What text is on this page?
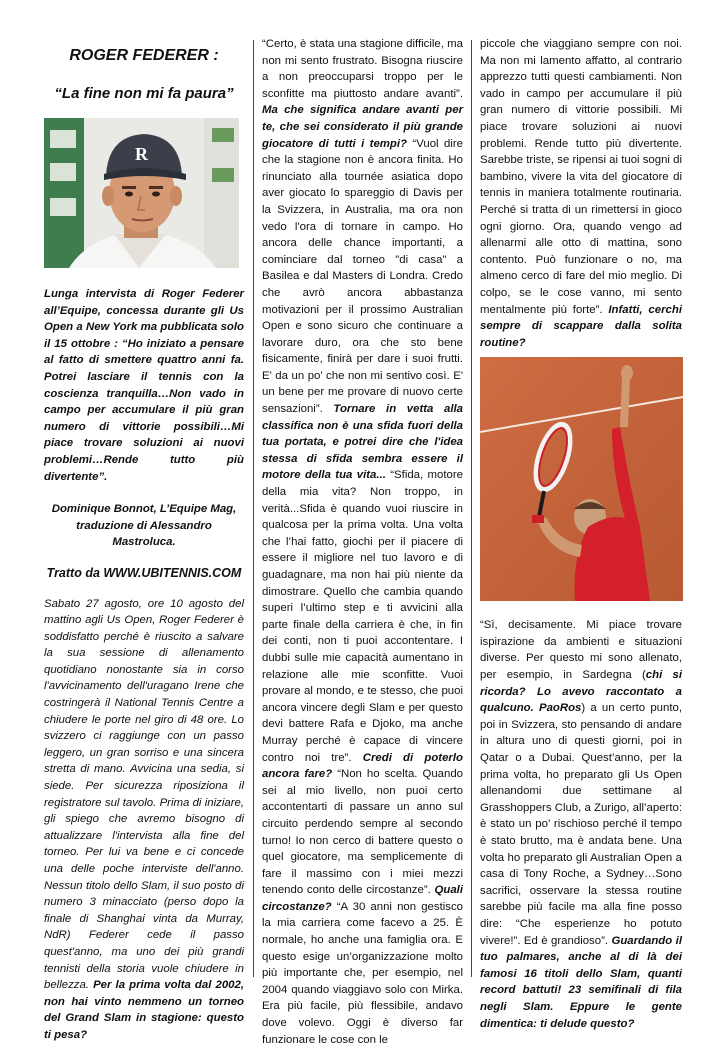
ROGER FEDERER :
“La fine non mi fa paura”
R

Lunga intervista di Roger Federer all’Equipe, concessa durante gli Us Open a New York ma pubblicata solo il 15 ottobre : “Ho iniziato a pensare al fatto di smettere quattro anni fa. Potrei lasciare il tennis con la coscienza tranquilla…Non vado in campo per accumulare il più gran numero di vittorie possibili…Mi piace trovare soluzioni ai nuovi problemi…Rende tutto più divertente”.

Dominique Bonnot, L’Equipe Mag, traduzione di Alessandro Mastroluca.

Tratto da WWW.UBITENNIS.COM

Sabato 27 agosto, ore 10 agosto del mattino agli Us Open, Roger Federer è soddisfatto perché è riuscito a salvare la sua sessione di allenamento quotidiano nonostante sia in corso l'avvicinamento dell'uragano Irene che costringerà il National Tennis Centre a chiudere le porte nel giro di 48 ore. Lo svizzero ci raggiunge con un passo leggero, un gran sorriso e una sincera stretta di mano. Avvicina una sedia, si siede. Per sicurezza riposiziona il registratore sul tavolo. Prima di iniziare, gli spiego che avremo bisogno di attualizzare l'intervista alla fine del torneo. Per lui va bene e ci concede una delle poche interviste dell'anno. Nessun titolo dello Slam, il suo posto di numero 3 minacciato (perso dopo la finale di Shanghai vinta da Murray, NdR) Federer cede il passo quest'anno, ma uno dei più grandi tennisti della storia vuole chiudere in bellezza. Per la prima volta dal 2002, non hai vinto nemmeno un torneo del Grand Slam in stagione: questo ti pesa?

“Certo, è stata una stagione difficile, ma non mi sento frustrato. Bisogna riuscire a non preoccuparsi troppo per le sconfitte ma piuttosto andare avanti”. Ma che significa andare avanti per te, che sei considerato il più grande giocatore di tutti i tempi? “Vuol dire che la stagione non è ancora finita. Ho rinunciato alla tournée asiatica dopo aver giocato lo spareggio di Davis per la Svizzera, in Australia, ma ora non vedo l'ora di tornare in campo. Ho ancora delle chance importanti, a cominciare dal torneo "di casa" a Basilea e dal Masters di Londra. Credo che avrò ancora abbastanza motivazioni per il prossimo Australian Open e sono sicuro che continuare a lavorare duro, ora che sto bene fisicamente, finirà per dare i suoi frutti. E' da un po' che non mi sentivo così. E' un bene per me provare di nuovo certe sensazioni”. Tornare in vetta alla classifica non è una sfida fuori della tua portata, e potrei dire che l'idea stessa di sfida sembra essere il motore della tua vita... “Sfida, motore della mia vita? Non troppo, in verità...Sfida è quando vuoi riuscire in qualcosa per la prima volta. Una volta che l’hai fatto, giochi per il piacere di essere il migliore nel tuo lavoro e di guadagnare, ma non hai più niente da dimostrare. Quello che cambia quando superi l’ultimo step e ti avvicini alla parte finale della carriera è che, in fin dei conti, non ti puoi accontentare. I dubbi sulle mie capacità aumentano in relazione alle mie sconfitte. Vuoi provare al mondo, e te stesso, che puoi ancora vincere degli Slam e per questo devi battere Rafa e Djoko, ma anche Murray perché è capace di vincere contro noi tre”. Credi di poterlo ancora fare? “Non ho scelta. Quando sei al mio livello, non puoi certo accontentarti di passare un anno sul circuito perdendo sempre al secondo turno! Io non cerco di battere questo o quel giocatore, ma semplicemente di fare il massimo con i miei mezzi tenendo conto delle circostanze”. Quali circostanze? “A 30 anni non gestisco la mia carriera come facevo a 25. È normale, ho anche una famiglia ora. E questo esige un’organizzazione molto più importante che, per esempio, nel 2004 quando viaggiavo solo con Mirka. Era più facile, più flessibile, andavo dove volevo. Oggi è diverso far funzionare le cose con le

piccole che viaggiano sempre con noi. Ma non mi lamento affatto, al contrario apprezzo tutti questi cambiamenti. Non vado in campo per accumulare il più gran numero di vittorie possibili. Mi piace trovare soluzioni ai nuovi problemi. Rende tutto più divertente. Sarebbe triste, se ripensi ai tuoi sogni di bambino, vivere la vita del giocatore di tennis in maniera totalmente routinaria. Perché si tratta di un rimettersi in gioco ogni giorno. Ora, quando vengo ad allenarmi alle otto di mattina, sono contento. Può funzionare o no, ma almeno cerco di fare del mio meglio. Di colpo, se le cose vanno, mi sento mentalmente più forte”. Infatti, cerchi sempre di scappare dalla solita routine?

“Sì, decisamente. Mi piace trovare ispirazione da ambienti e situazioni diverse. Per questo mi sono allenato, per esempio, in Sardegna (chi si ricorda? Lo avevo raccontato a qualcuno. PaoRos) a un certo punto, poi in Svizzera, sto pensando di andare in altura uno di questi giorni, poi in Qatar o a Dubai. Quest’anno, per la prima volta, ho preparato gli Us Open allenandomi due settimane al Grasshoppers Club, a Zurigo, all’aperto: è stato un po’ rischioso perché il tempo è stato brutto, ma è andata bene. Una volta ho preparato gli Australian Open a casa di Tony Roche, a Sydney…Sono sacrifici, osservare la stessa routine sarebbe più facile ma alla fine posso dire: “Che esperienze ho potuto vivere!”. Ed è grandioso”. Guardando il tuo palmares, anche al di là dei famosi 16 titoli dello Slam, quanti record battuti! 23 semifinali di fila negli Slam. Eppure le gente dimentica: ti delude questo?
